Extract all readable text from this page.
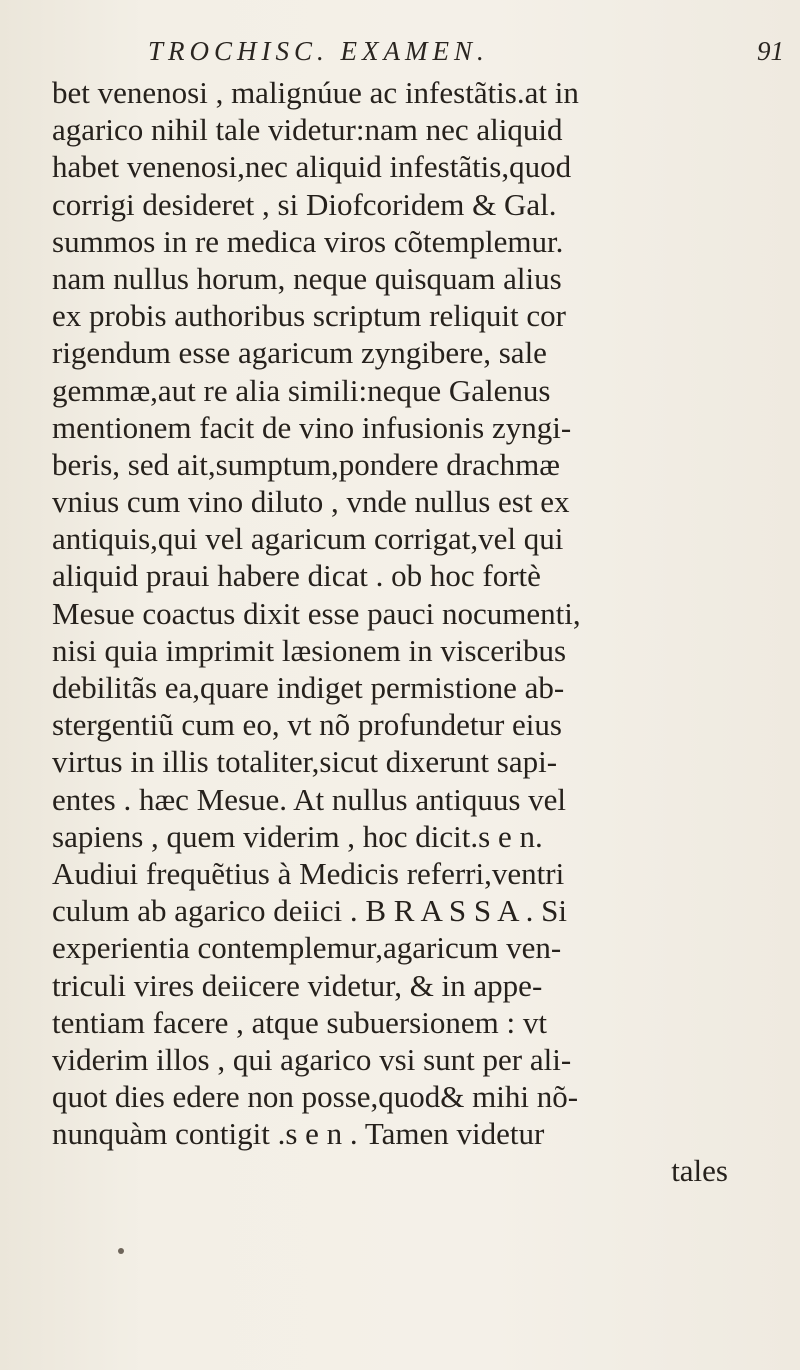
TROCHISC. EXAMEN.	91
bet venenosi , malignúue ac infestãtis.at in
agarico nihil tale videtur:nam nec aliquid
habet venenosi,nec aliquid infestãtis,quod
corrigi desideret , si Diofcoridem & Gal.
summos in re medica viros cõtemplemur.
nam nullus horum, neque quisquam alius
ex probis authoribus scriptum reliquit cor
rigendum esse agaricum zyngibere, sale
gemmæ,aut re alia simili:neque Galenus
mentionem facit de vino infusionis zyngi-
beris, sed ait,sumptum,pondere drachmæ
vnius cum vino diluto , vnde nullus est ex
antiquis,qui vel agaricum corrigat,vel qui
aliquid praui habere dicat . ob hoc fortè
Mesue coactus dixit esse pauci nocumenti,
nisi quia imprimit læsionem in visceribus
debilitãs ea,quare indiget permistione ab-
stergentiũ cum eo, vt nõ profundetur eius
virtus in illis totaliter,sicut dixerunt sapi-
entes . hæc Mesue. At nullus antiquus vel
sapiens , quem viderim , hoc dicit.s e n.
Audiui frequẽtius à Medicis referri,ventri
culum ab agarico deiici . B R A S S A . Si
experientia contemplemur,agaricum ven-
triculi vires deiicere videtur, & in appe-
tentiam facere , atque subuersionem : vt
viderim illos , qui agarico vsi sunt per ali-
quot dies edere non posse,quod& mihi nõ-
nunquàm contigit .s e n . Tamen videtur
tales
